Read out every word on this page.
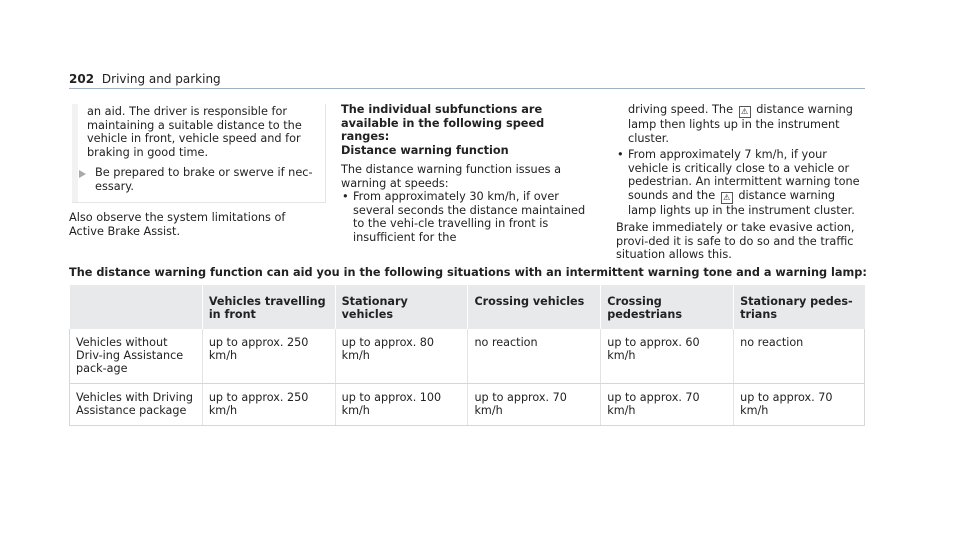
202 Driving and parking
an aid. The driver is responsible for maintaining a suitable distance to the vehicle in front, vehicle speed and for braking in good time.
Be prepared to brake or swerve if nec-essary.
Also observe the system limitations of Active Brake Assist.
The individual subfunctions are available in the following speed ranges:
Distance warning function
The distance warning function issues a warning at speeds:
• From approximately 30 km/h, if over several seconds the distance maintained to the vehi-cle travelling in front is insufficient for the
driving speed. The ⚠ distance warning lamp then lights up in the instrument cluster.
• From approximately 7 km/h, if your vehicle is critically close to a vehicle or pedestrian. An intermittent warning tone sounds and the ⚠ distance warning lamp lights up in the instrument cluster.
Brake immediately or take evasive action, provi-ded it is safe to do so and the traffic situation allows this.
The distance warning function can aid you in the following situations with an intermittent warning tone and a warning lamp:
	Vehicles travelling in front	Stationary vehicles	Crossing vehicles	Crossing pedestrians	Stationary pedes-trians
Vehicles without Driv-ing Assistance pack-age	up to approx. 250 km/h	up to approx. 80 km/h	no reaction	up to approx. 60 km/h	no reaction
Vehicles with Driving Assistance package	up to approx. 250 km/h	up to approx. 100 km/h	up to approx. 70 km/h	up to approx. 70 km/h	up to approx. 70 km/h
